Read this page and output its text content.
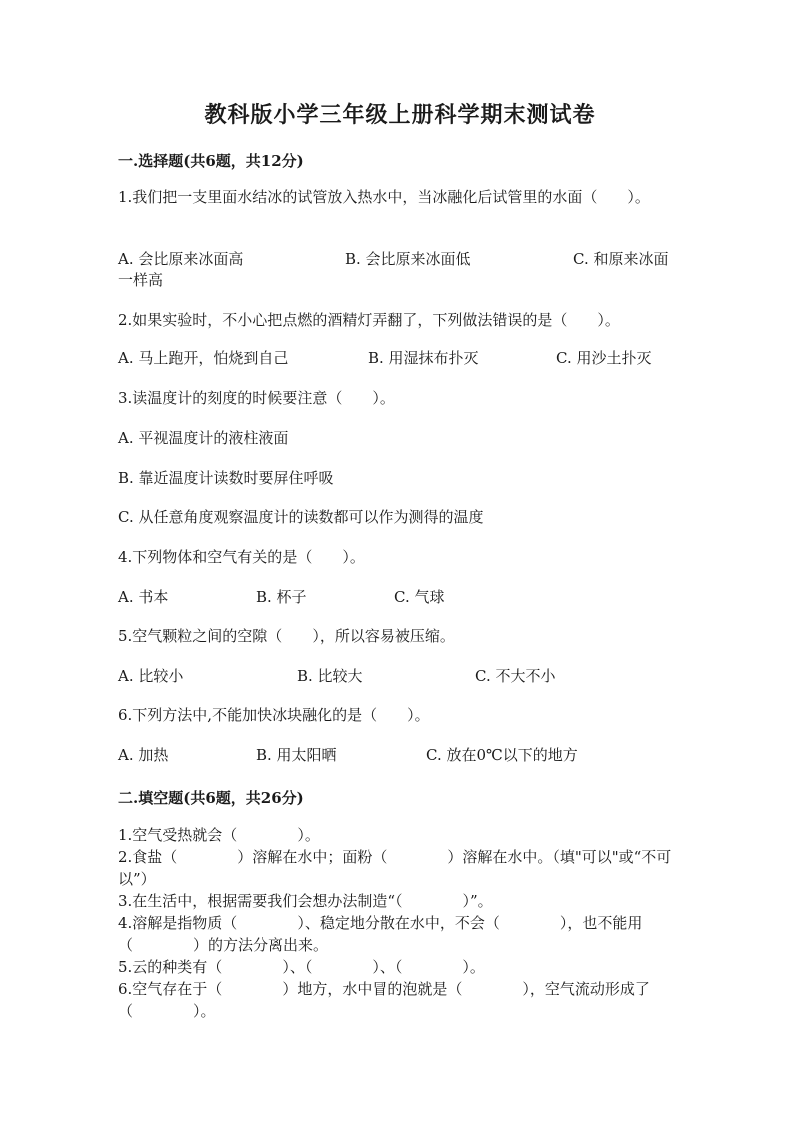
教科版小学三年级上册科学期末测试卷
一.选择题(共6题，共12分)
1.我们把一支里面水结冰的试管放入热水中，当冰融化后试管里的水面（　　）。
A. 会比原来冰面高	B. 会比原来冰面低	C. 和原来冰面一样高
2.如果实验时，不小心把点燃的酒精灯弄翻了，下列做法错误的是（　　）。
A. 马上跑开，怕烧到自己	B. 用湿抹布扑灭	C. 用沙土扑灭
3.读温度计的刻度的时候要注意（　　）。
A. 平视温度计的液柱液面
B. 靠近温度计读数时要屏住呼吸
C. 从任意角度观察温度计的读数都可以作为测得的温度
4.下列物体和空气有关的是（　　）。
A. 书本	B. 杯子	C. 气球
5.空气颗粒之间的空隙（　　），所以容易被压缩。
A. 比较小	B. 比较大	C. 不大不小
6.下列方法中,不能加快冰块融化的是（　　）。
A. 加热	B. 用太阳晒	C. 放在0℃以下的地方
二.填空题(共6题，共26分)
1.空气受热就会（　　　　）。
2.食盐（　　　　）溶解在水中；面粉（　　　　）溶解在水中。（填"可以"或“不可以”）
3.在生活中，根据需要我们会想办法制造“（　　　　）”。
4.溶解是指物质（　　　　）、稳定地分散在水中，不会（　　　　），也不能用（　　　　）的方法分离出来。
5.云的种类有（　　　　）、（　　　　）、（　　　　）。
6.空气存在于（　　　　）地方，水中冒的泡就是（　　　　），空气流动形成了（　　　　）。
